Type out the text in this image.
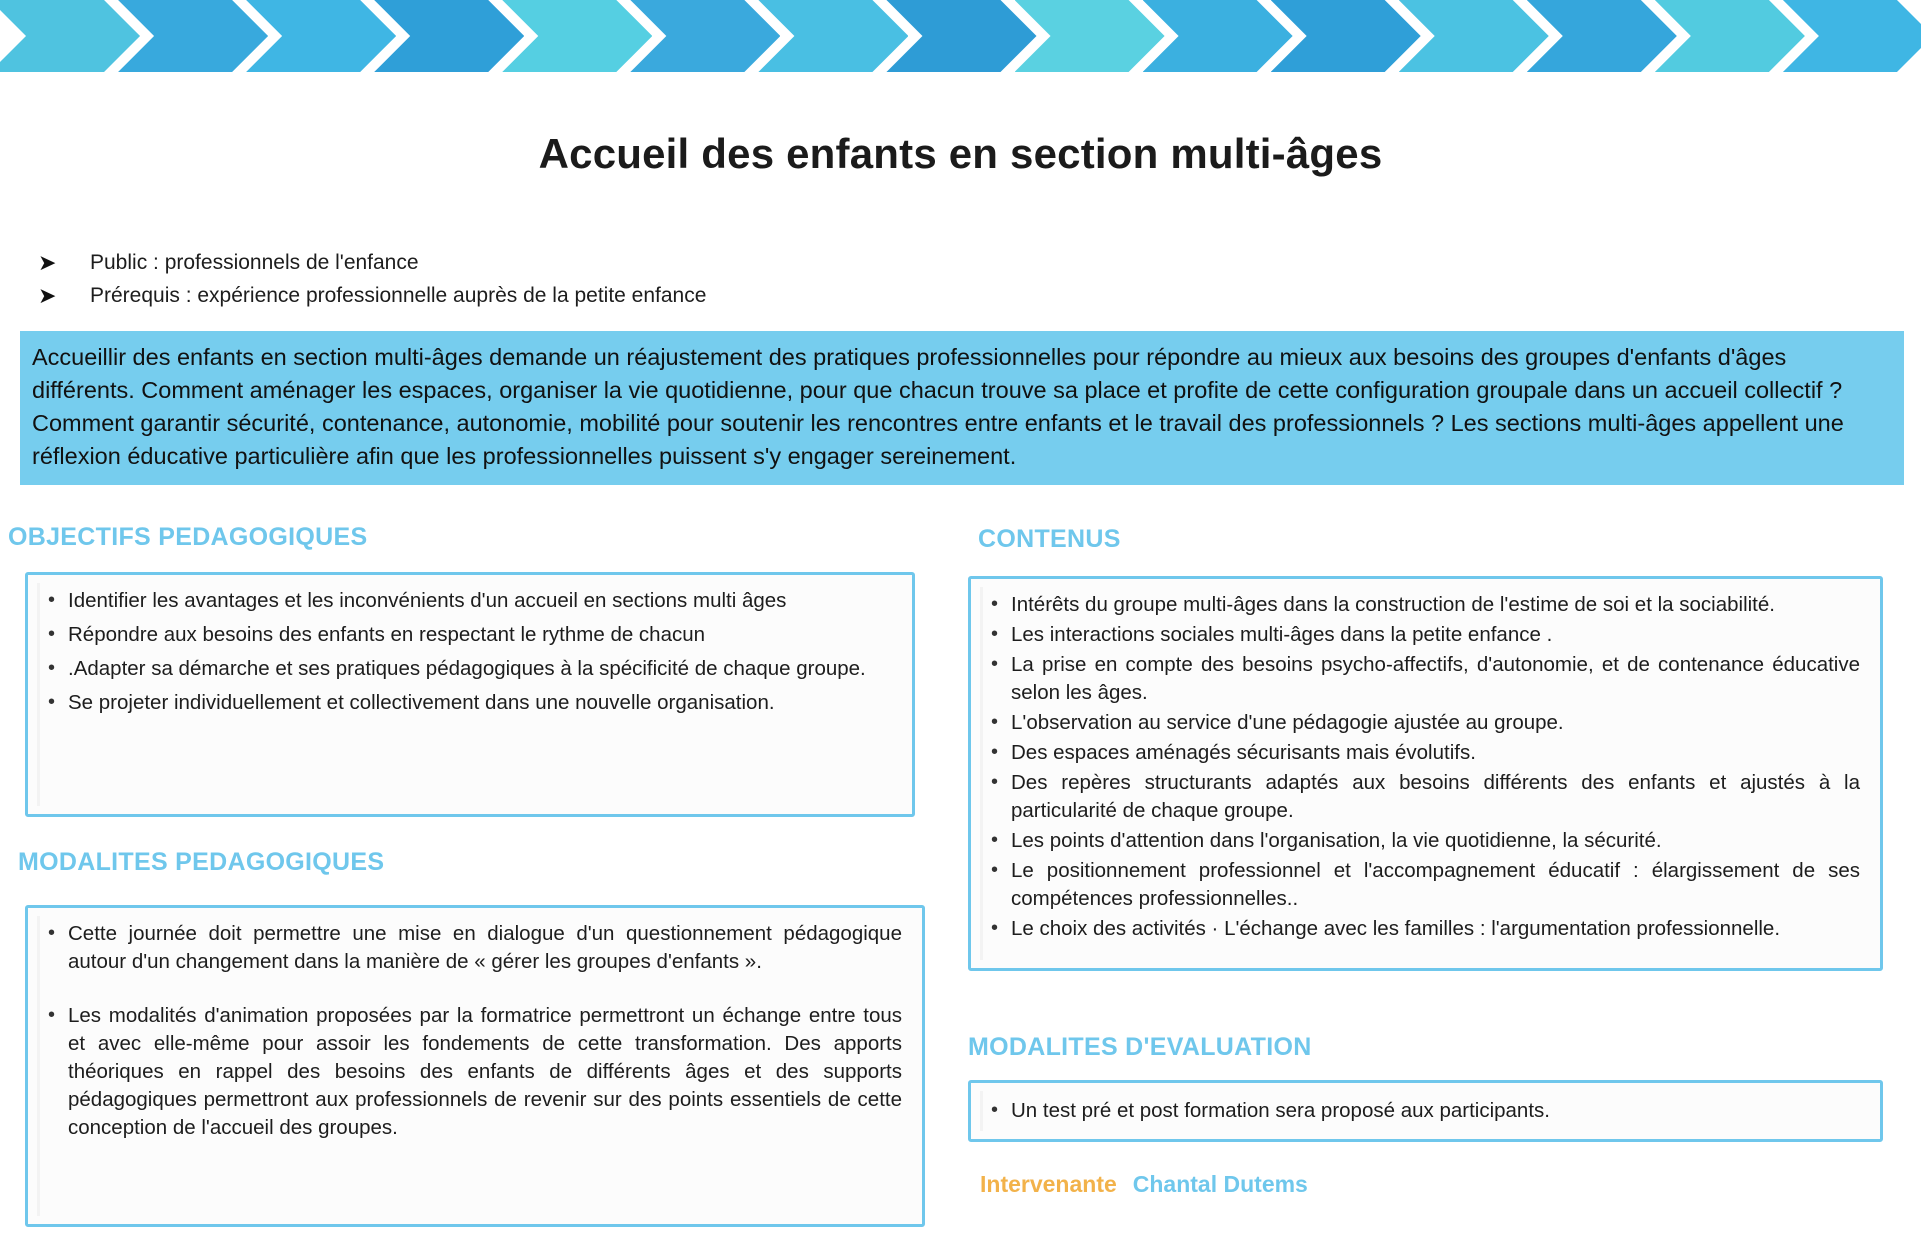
Accueil des enfants en section multi-âges
➤	Public : professionnels de l'enfance
➤	Prérequis : expérience professionnelle auprès de la petite enfance
Accueillir des enfants en section multi-âges demande un réajustement des pratiques professionnelles pour répondre au mieux aux besoins des groupes d'enfants d'âges différents. Comment aménager les espaces, organiser la vie quotidienne, pour que chacun trouve sa place et profite de cette configuration groupale dans un accueil collectif ? Comment garantir sécurité, contenance, autonomie, mobilité pour soutenir les rencontres entre enfants et le travail des professionnels ? Les sections multi-âges appellent une réflexion éducative particulière afin que les professionnelles puissent s'y engager sereinement.
OBJECTIFS PEDAGOGIQUES
• Identifier les avantages et les inconvénients d'un accueil en sections multi âges
• Répondre aux besoins des enfants en respectant le rythme de chacun
• .Adapter sa démarche et ses pratiques pédagogiques à la spécificité de chaque groupe.
• Se projeter individuellement et collectivement dans une nouvelle organisation.
MODALITES PEDAGOGIQUES
• Cette journée doit permettre une mise en dialogue d'un questionnement pédagogique autour d'un changement dans la manière de « gérer les groupes d'enfants ».
• Les modalités d'animation proposées par la formatrice permettront un échange entre tous et avec elle-même pour assoir les fondements de cette transformation. Des apports théoriques en rappel des besoins des enfants de différents âges et des supports pédagogiques permettront aux professionnels de revenir sur des points essentiels de cette conception de l'accueil des groupes.
CONTENUS
• Intérêts du groupe multi-âges dans la construction de l'estime de soi et la sociabilité.
• Les interactions sociales multi-âges dans la petite enfance .
• La prise en compte des besoins psycho-affectifs, d'autonomie, et de contenance éducative selon les âges.
• L'observation au service d'une pédagogie ajustée au groupe.
• Des espaces aménagés sécurisants mais évolutifs.
• Des repères structurants adaptés aux besoins différents des enfants et ajustés à la particularité de chaque groupe.
• Les points d'attention dans l'organisation, la vie quotidienne, la sécurité.
• Le positionnement professionnel et l'accompagnement éducatif : élargissement de ses compétences professionnelles..
• Le choix des activités · L'échange avec les familles : l'argumentation professionnelle.
MODALITES D'EVALUATION
• Un test pré et post formation sera proposé aux participants.
Intervenante Chantal Dutems
